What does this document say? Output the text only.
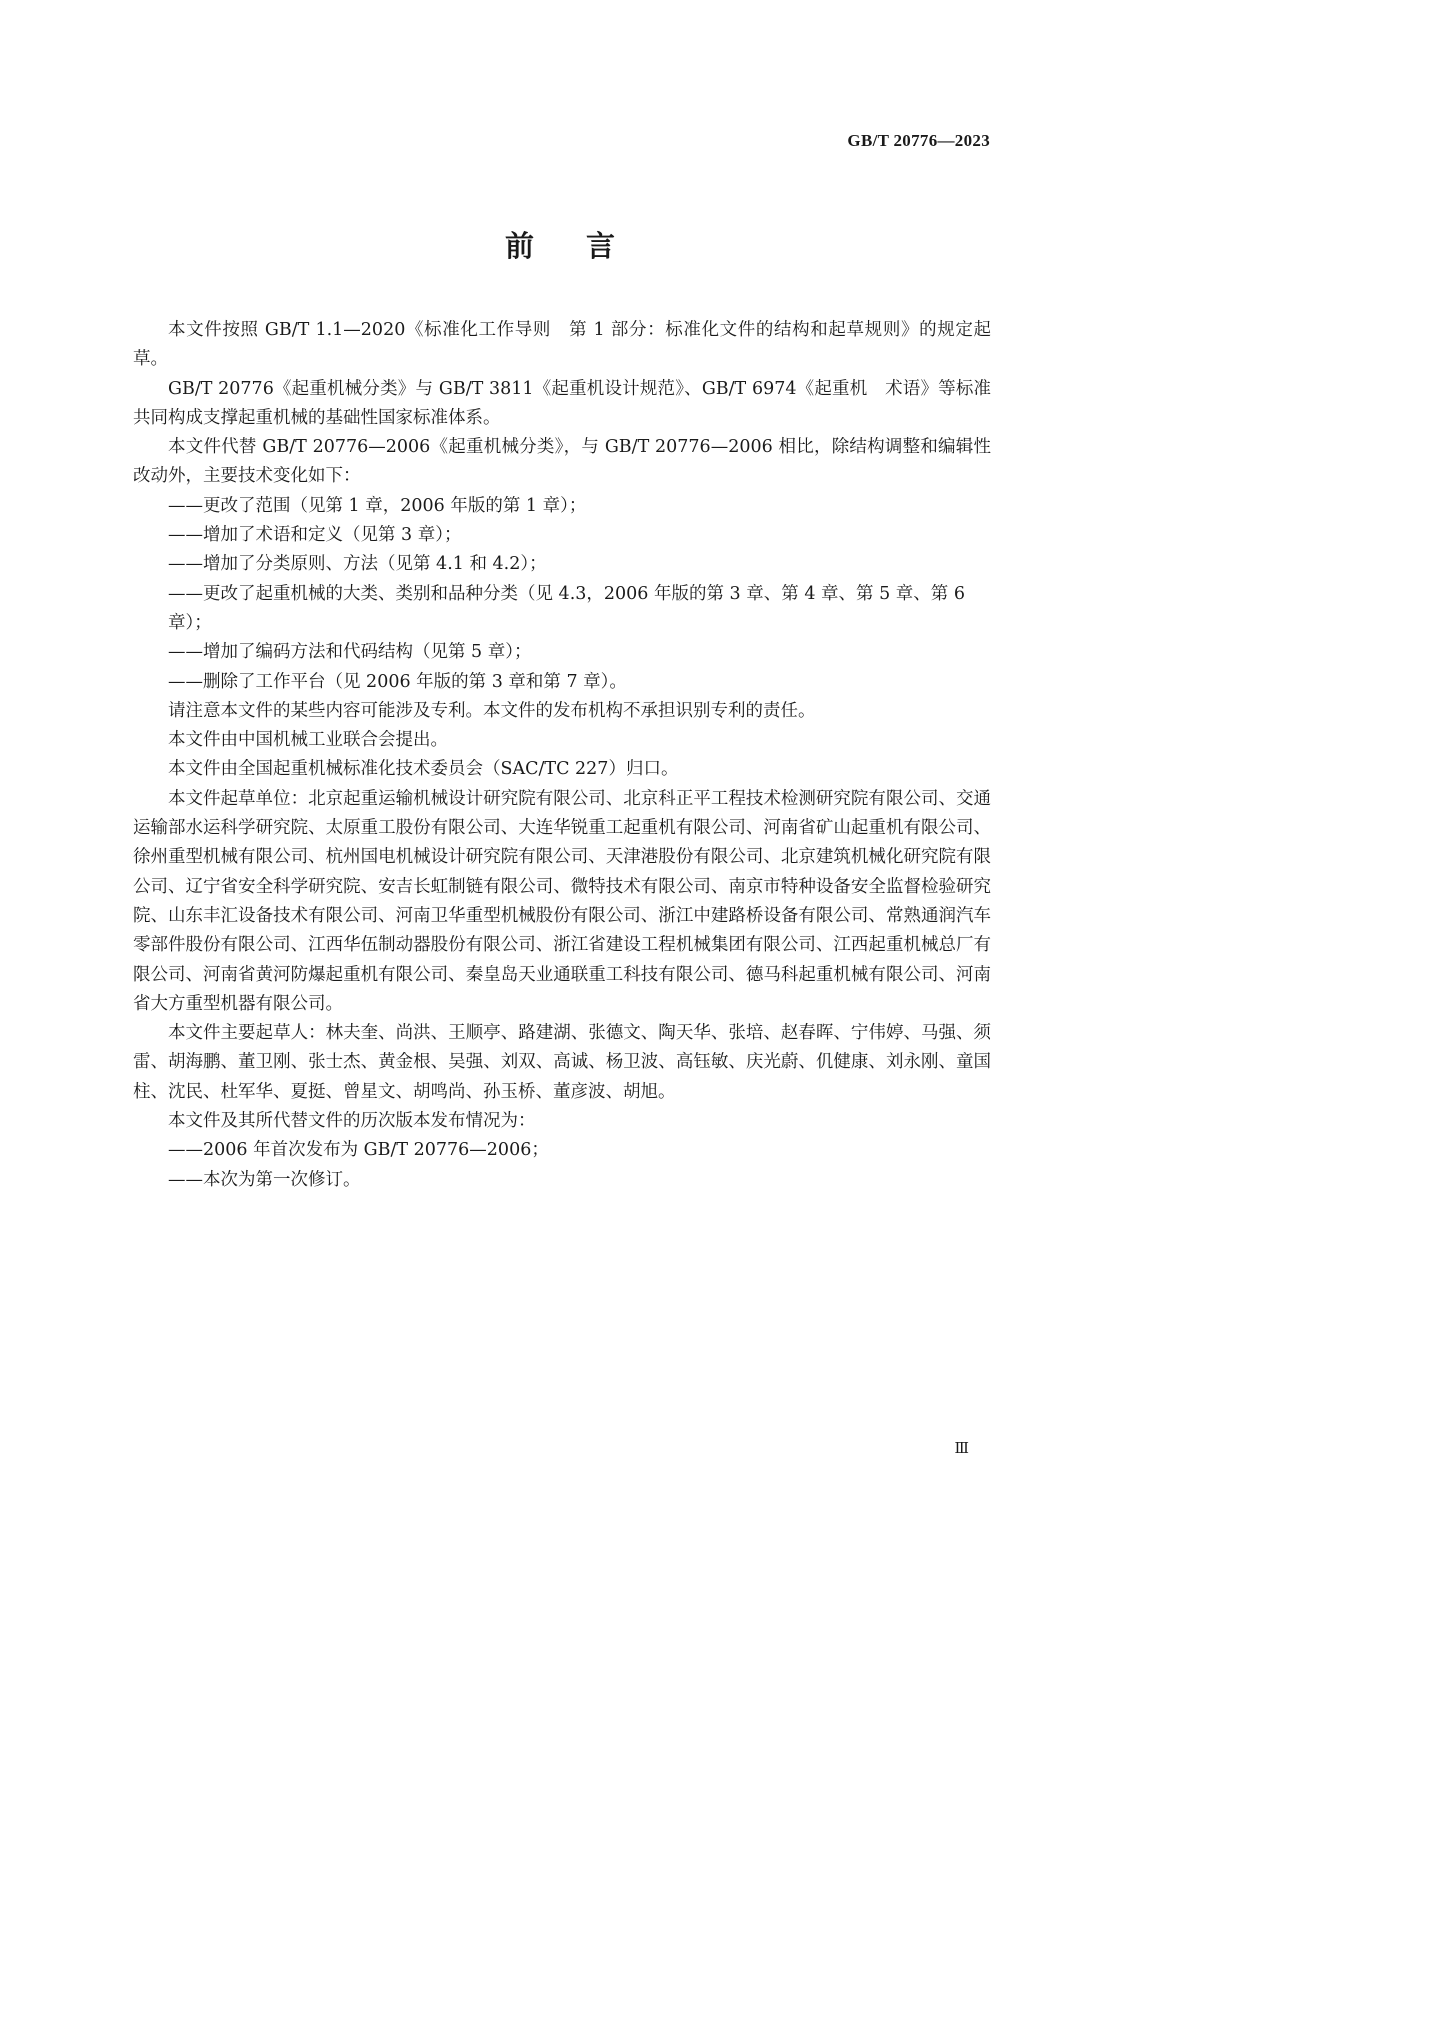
GB/T 20776—2023
前言

本文件按照 GB/T 1.1—2020《标准化工作导则　第 1 部分：标准化文件的结构和起草规则》的规定起草。

GB/T 20776《起重机械分类》与 GB/T 3811《起重机设计规范》、GB/T 6974《起重机　术语》等标准共同构成支撑起重机械的基础性国家标准体系。

本文件代替 GB/T 20776—2006《起重机械分类》，与 GB/T 20776—2006 相比，除结构调整和编辑性改动外，主要技术变化如下：

——更改了范围（见第 1 章，2006 年版的第 1 章）；

——增加了术语和定义（见第 3 章）；

——增加了分类原则、方法（见第 4.1 和 4.2）；

——更改了起重机械的大类、类别和品种分类（见 4.3，2006 年版的第 3 章、第 4 章、第 5 章、第 6 章）；

——增加了编码方法和代码结构（见第 5 章）；

——删除了工作平台（见 2006 年版的第 3 章和第 7 章）。

请注意本文件的某些内容可能涉及专利。本文件的发布机构不承担识别专利的责任。

本文件由中国机械工业联合会提出。

本文件由全国起重机械标准化技术委员会（SAC/TC 227）归口。

本文件起草单位：北京起重运输机械设计研究院有限公司、北京科正平工程技术检测研究院有限公司、交通运输部水运科学研究院、太原重工股份有限公司、大连华锐重工起重机有限公司、河南省矿山起重机有限公司、徐州重型机械有限公司、杭州国电机械设计研究院有限公司、天津港股份有限公司、北京建筑机械化研究院有限公司、辽宁省安全科学研究院、安吉长虹制链有限公司、微特技术有限公司、南京市特种设备安全监督检验研究院、山东丰汇设备技术有限公司、河南卫华重型机械股份有限公司、浙江中建路桥设备有限公司、常熟通润汽车零部件股份有限公司、江西华伍制动器股份有限公司、浙江省建设工程机械集团有限公司、江西起重机械总厂有限公司、河南省黄河防爆起重机有限公司、秦皇岛天业通联重工科技有限公司、德马科起重机械有限公司、河南省大方重型机器有限公司。

本文件主要起草人：林夫奎、尚洪、王顺亭、路建湖、张德文、陶天华、张培、赵春晖、宁伟婷、马强、须雷、胡海鹏、董卫刚、张士杰、黄金根、吴强、刘双、高诚、杨卫波、高钰敏、庆光蔚、仉健康、刘永刚、童国柱、沈民、杜军华、夏挺、曾星文、胡鸣尚、孙玉桥、董彦波、胡旭。

本文件及其所代替文件的历次版本发布情况为：

——2006 年首次发布为 GB/T 20776—2006；

——本次为第一次修订。

Ⅲ
